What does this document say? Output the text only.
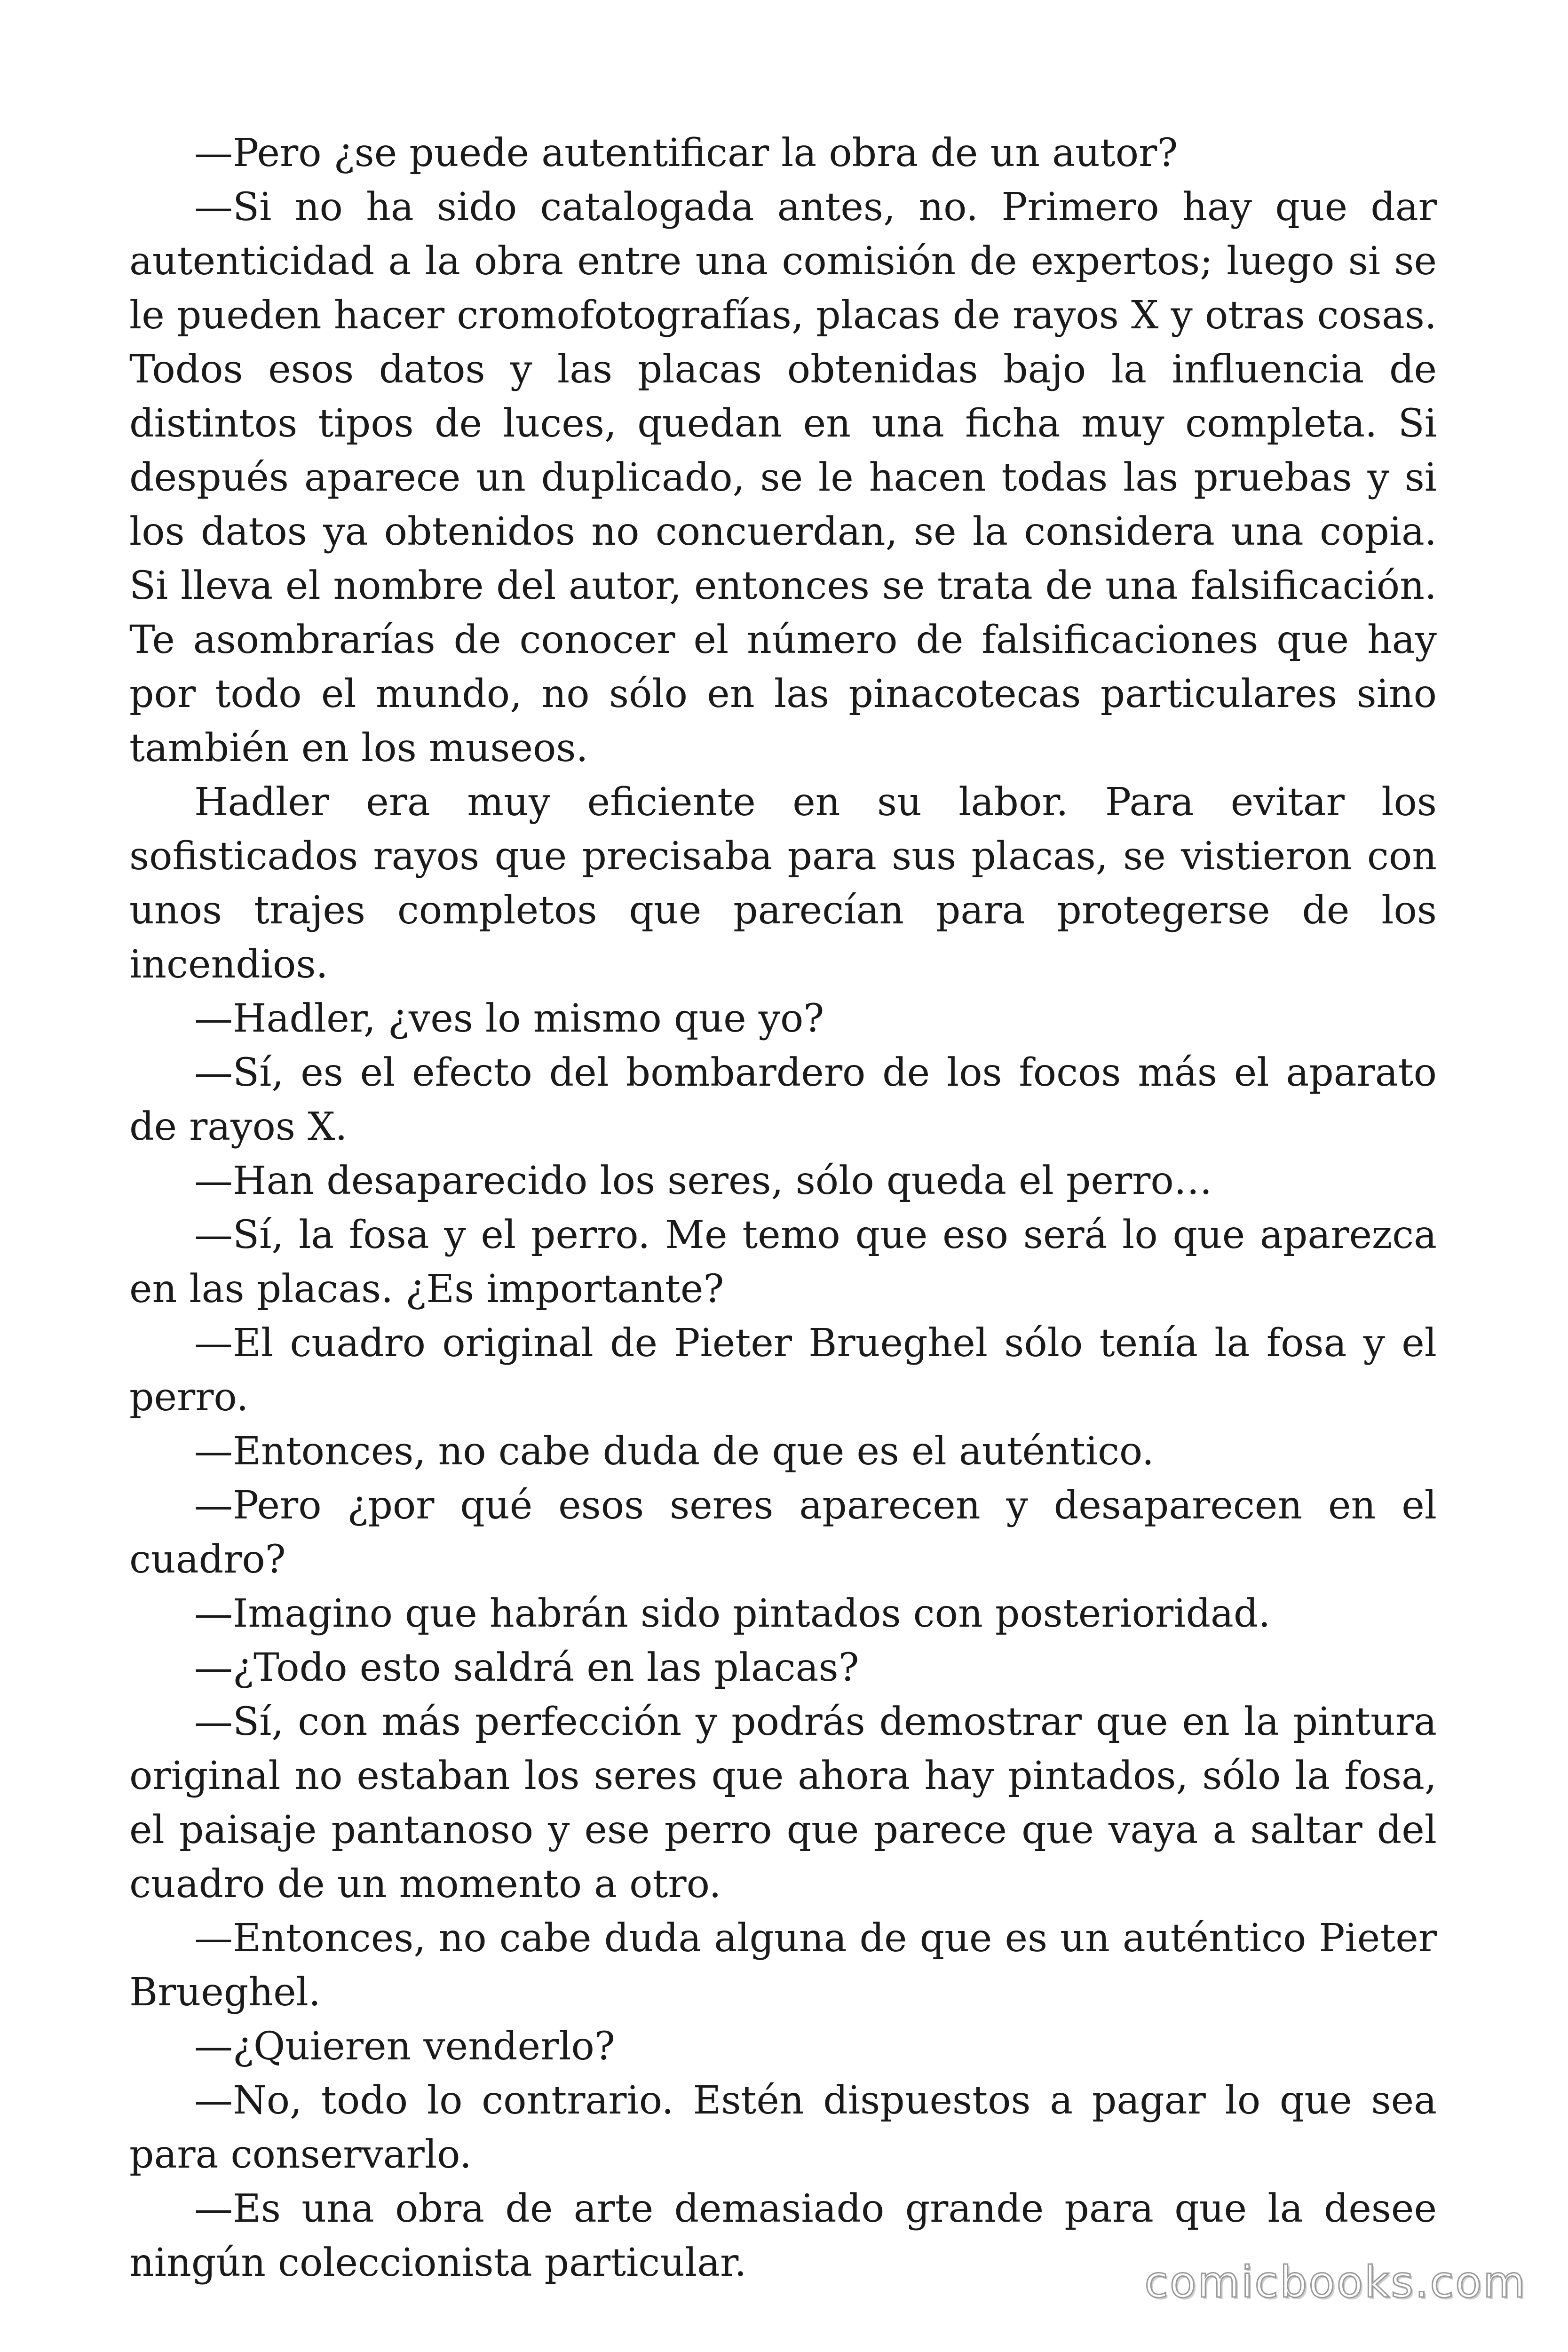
—Pero ¿se puede autentificar la obra de un autor?

—Si no ha sido catalogada antes, no. Primero hay que dar autenticidad a la obra entre una comisión de expertos; luego si se le pueden hacer cromofotografías, placas de rayos X y otras cosas. Todos esos datos y las placas obtenidas bajo la influencia de distintos tipos de luces, quedan en una ficha muy completa. Si después aparece un duplicado, se le hacen todas las pruebas y si los datos ya obtenidos no concuerdan, se la considera una copia. Si lleva el nombre del autor, entonces se trata de una falsificación. Te asombrarías de conocer el número de falsificaciones que hay por todo el mundo, no sólo en las pinacotecas particulares sino también en los museos.

Hadler era muy eficiente en su labor. Para evitar los sofisticados rayos que precisaba para sus placas, se vistieron con unos trajes completos que parecían para protegerse de los incendios.

—Hadler, ¿ves lo mismo que yo?

—Sí, es el efecto del bombardero de los focos más el aparato de rayos X.

—Han desaparecido los seres, sólo queda el perro…

—Sí, la fosa y el perro. Me temo que eso será lo que aparezca en las placas. ¿Es importante?

—El cuadro original de Pieter Brueghel sólo tenía la fosa y el perro.

—Entonces, no cabe duda de que es el auténtico.

—Pero ¿por qué esos seres aparecen y desaparecen en el cuadro?

—Imagino que habrán sido pintados con posterioridad.

—¿Todo esto saldrá en las placas?

—Sí, con más perfección y podrás demostrar que en la pintura original no estaban los seres que ahora hay pintados, sólo la fosa, el paisaje pantanoso y ese perro que parece que vaya a saltar del cuadro de un momento a otro.

—Entonces, no cabe duda alguna de que es un auténtico Pieter Brueghel.

—¿Quieren venderlo?

—No, todo lo contrario. Estén dispuestos a pagar lo que sea para conservarlo.

—Es una obra de arte demasiado grande para que la desee ningún coleccionista particular.	comicbooks.com
